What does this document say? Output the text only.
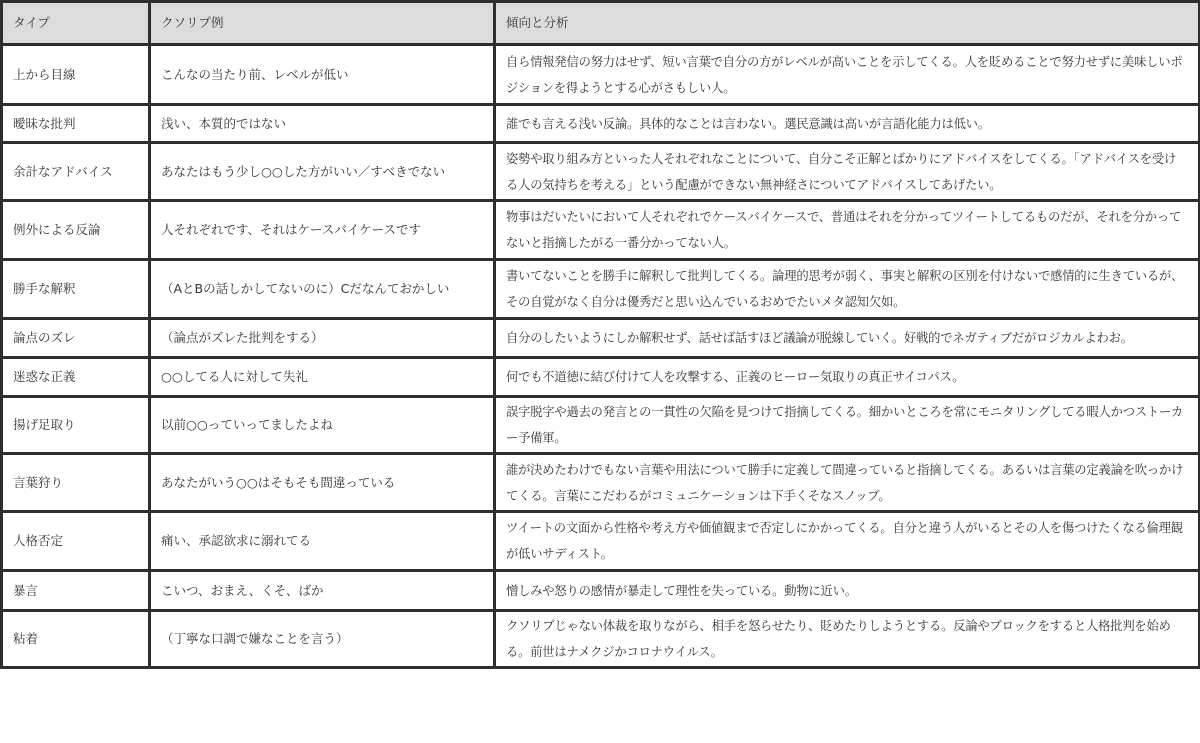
タイプ	クソリプ例	傾向と分析
上から目線	こんなの当たり前、レベルが低い	自ら情報発信の努力はせず、短い言葉で自分の方がレベルが高いことを示してくる。人を貶めることで努力せずに美味しいポジションを得ようとする心がさもしい人。
曖昧な批判	浅い、本質的ではない	誰でも言える浅い反論。具体的なことは言わない。選民意識は高いが言語化能力は低い。
余計なアドバイス	あなたはもう少し○○した方がいい／すべきでない	姿勢や取り組み方といった人それぞれなことについて、自分こそ正解とばかりにアドバイスをしてくる。「アドバイスを受ける人の気持ちを考える」という配慮ができない無神経さについてアドバイスしてあげたい。
例外による反論	人それぞれです、それはケースバイケースです	物事はだいたいにおいて人それぞれでケースバイケースで、普通はそれを分かってツイートしてるものだが、それを分かってないと指摘したがる一番分かってない人。
勝手な解釈	（AとBの話しかしてないのに）Cだなんておかしい	書いてないことを勝手に解釈して批判してくる。論理的思考が弱く、事実と解釈の区別を付けないで感情的に生きているが、その自覚がなく自分は優秀だと思い込んでいるおめでたいメタ認知欠如。
論点のズレ	（論点がズレた批判をする）	自分のしたいようにしか解釈せず、話せば話すほど議論が脱線していく。好戦的でネガティブだがロジカルよわお。
迷惑な正義	○○してる人に対して失礼	何でも不道徳に結び付けて人を攻撃する、正義のヒーロー気取りの真正サイコパス。
揚げ足取り	以前○○っていってましたよね	誤字脱字や過去の発言との一貫性の欠陥を見つけて指摘してくる。細かいところを常にモニタリングしてる暇人かつストーカー予備軍。
言葉狩り	あなたがいう○○はそもそも間違っている	誰が決めたわけでもない言葉や用法について勝手に定義して間違っていると指摘してくる。あるいは言葉の定義論を吹っかけてくる。言葉にこだわるがコミュニケーションは下手くそなスノッブ。
人格否定	痛い、承認欲求に溺れてる	ツイートの文面から性格や考え方や価値観まで否定しにかかってくる。自分と違う人がいるとその人を傷つけたくなる倫理観が低いサディスト。
暴言	こいつ、おまえ、くそ、ばか	憎しみや怒りの感情が暴走して理性を失っている。動物に近い。
粘着	（丁寧な口調で嫌なことを言う）	クソリプじゃない体裁を取りながら、相手を怒らせたり、貶めたりしようとする。反論やブロックをすると人格批判を始める。前世はナメクジかコロナウイルス。
